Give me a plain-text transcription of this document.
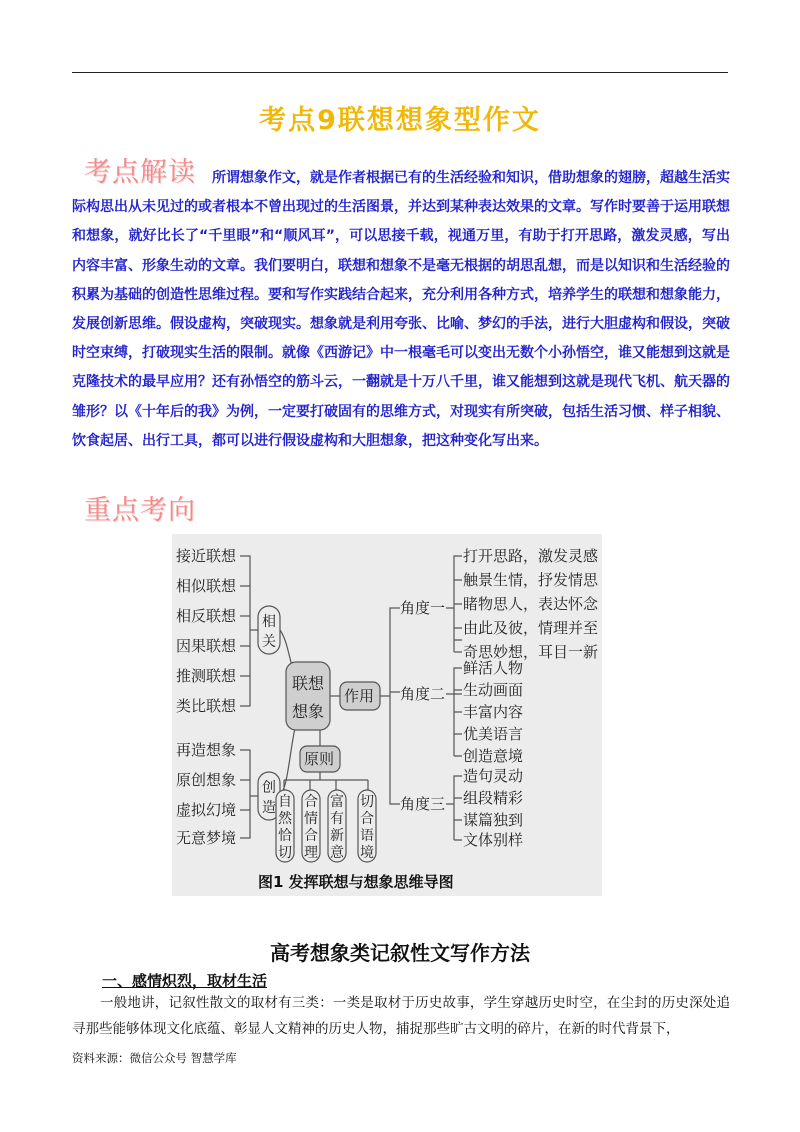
考点9联想想象型作文
考点解读	所谓想象作文，就是作者根据已有的生活经验和知识，借助想象的翅膀，超越生活实际构思出从未见过的或者根本不曾出现过的生活图景，并达到某种表达效果的文章。写作时要善于运用联想和想象，就好比长了“千里眼”和“顺风耳”，可以思接千载，视通万里，有助于打开思路，激发灵感，写出内容丰富、形象生动的文章。我们要明白，联想和想象不是毫无根据的胡思乱想，而是以知识和生活经验的积累为基础的创造性思维过程。要和写作实践结合起来，充分利用各种方式，培养学生的联想和想象能力，发展创新思维。假设虚构，突破现实。想象就是利用夸张、比喻、梦幻的手法，进行大胆虚构和假设，突破时空束缚，打破现实生活的限制。就像《西游记》中一根毫毛可以变出无数个小孙悟空，谁又能想到这就是克隆技术的最早应用？还有孙悟空的筋斗云，一翻就是十万八千里，谁又能想到这就是现代飞机、航天器的雏形？以《十年后的我》为例，一定要打破固有的思维方式，对现实有所突破，包括生活习惯、样子相貌、饮食起居、出行工具，都可以进行假设虚构和大胆想象，把这种变化写出来。
重点考向
接近联想
相似联想
相反联想
因果联想
推测联想
类比联想
再造想象
原创想象
虚拟幻境
无意梦境
相
关
创
造
联想
想象
作用
原则
自然恰切
合情合理
富有新意
切合语境
角度一
角度二
角度三
打开思路，激发灵感
触景生情，抒发情思
睹物思人，表达怀念
由此及彼，情理并至
奇思妙想，耳目一新
鲜活人物
生动画面
丰富内容
优美语言
创造意境
造句灵动
组段精彩
谋篇独到
文体别样
图1 发挥联想与想象思维导图
高考想象类记叙性文写作方法
一、感情炽烈，取材生活
一般地讲，记叙性散文的取材有三类：一类是取材于历史故事，学生穿越历史时空，在尘封的历史深处追寻那些能够体现文化底蕴、彰显人文精神的历史人物，捕捉那些旷古文明的碎片，在新的时代背景下，
资料来源：微信公众号 智慧学库
